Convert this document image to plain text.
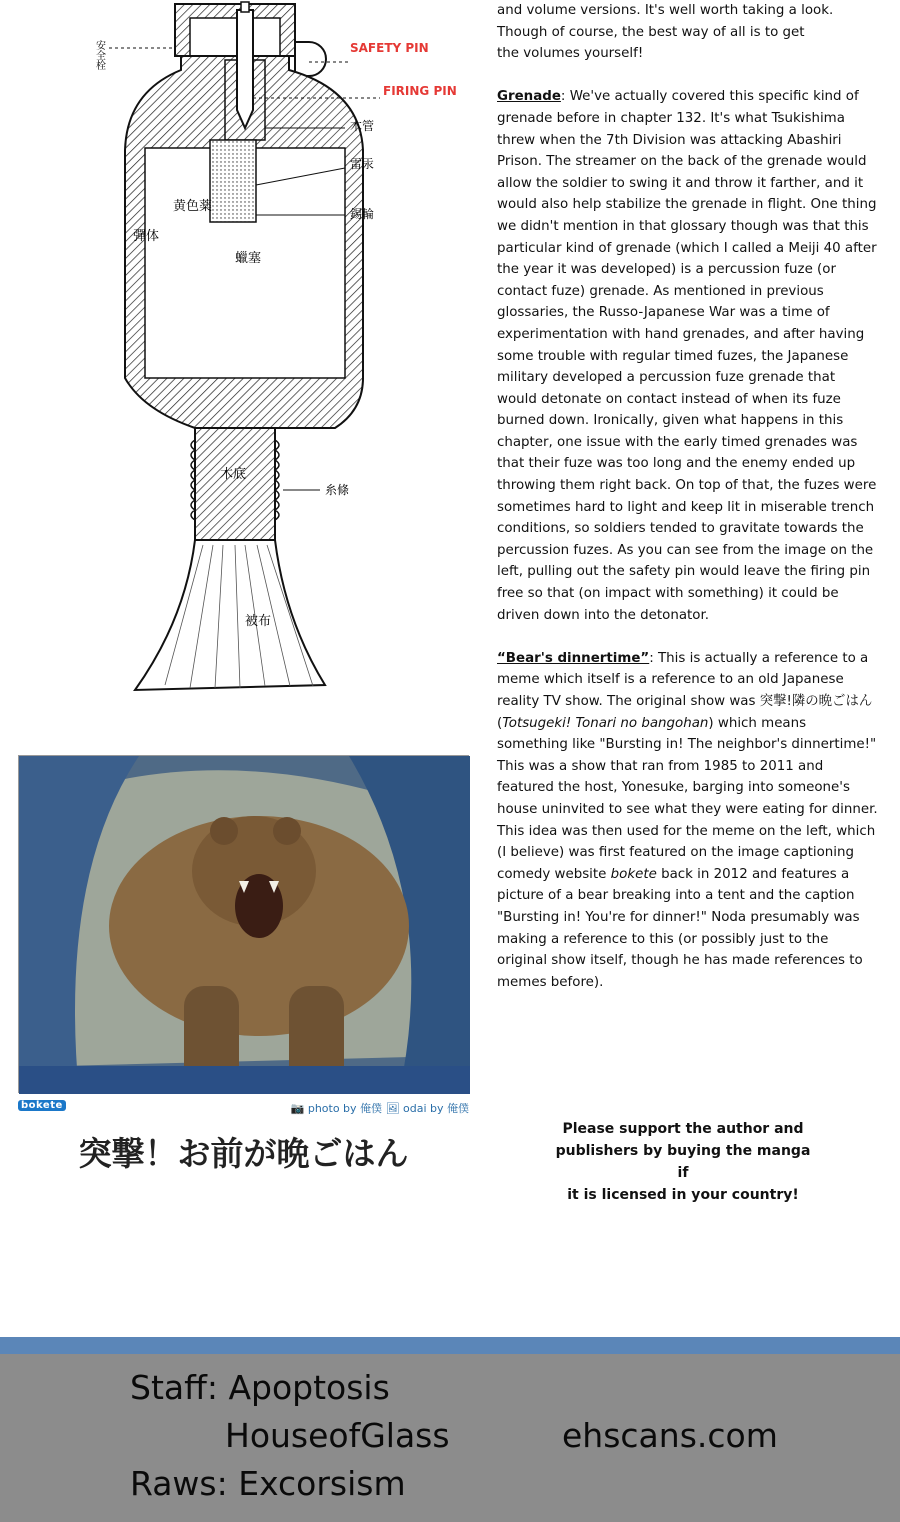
SAFETY PIN
FIRING PIN
安全栓
木管
雷汞
錫輪
彈体
黄色薬
蠟塞
木底
糸條
被布

and volume versions. It's well worth taking a look.
Though of course, the best way of all is to get
the volumes yourself!

Grenade: We've actually covered this specific kind of grenade before in chapter 132. It's what Tsukishima threw when the 7th Division was attacking Abashiri Prison. The streamer on the back of the grenade would allow the soldier to swing it and throw it farther, and it would also help stabilize the grenade in flight. One thing we didn't mention in that glossary though was that this particular kind of grenade (which I called a Meiji 40 after the year it was developed) is a percussion fuze (or contact fuze) grenade. As mentioned in previous glossaries, the Russo-Japanese War was a time of experimentation with hand grenades, and after having some trouble with regular timed fuzes, the Japanese military developed a percussion fuze grenade that would detonate on contact instead of when its fuze burned down. Ironically, given what happens in this chapter, one issue with the early timed grenades was that their fuze was too long and the enemy ended up throwing them right back. On top of that, the fuzes were sometimes hard to light and keep lit in miserable trench conditions, so soldiers tended to gravitate towards the percussion fuzes. As you can see from the image on the left, pulling out the safety pin would leave the firing pin free so that (on impact with something) it could be driven down into the detonator.

“Bear's dinnertime”: This is actually a reference to a meme which itself is a reference to an old Japanese reality TV show. The original show was 突撃!隣の晩ごはん (Totsugeki! Tonari no bangohan) which means something like "Bursting in! The neighbor's dinnertime!" This was a show that ran from 1985 to 2011 and featured the host, Yonesuke, barging into someone's house uninvited to see what they were eating for dinner. This idea was then used for the meme on the left, which (I believe) was first featured on the image captioning comedy website bokete back in 2012 and features a picture of a bear breaking into a tent and the caption "Bursting in! You're for dinner!" Noda presumably was making a reference to this (or possibly just to the original show itself, though he has made references to memes before).

bokete	📷 photo by 俺僕 🖼 odai by 俺僕
突撃！お前が晩ごはん
Please support the author and
publishers by buying the manga if
it is licensed in your country!
Staff: Apoptosis
HouseofGlass
Raws: Excorsism
ehscans.com
